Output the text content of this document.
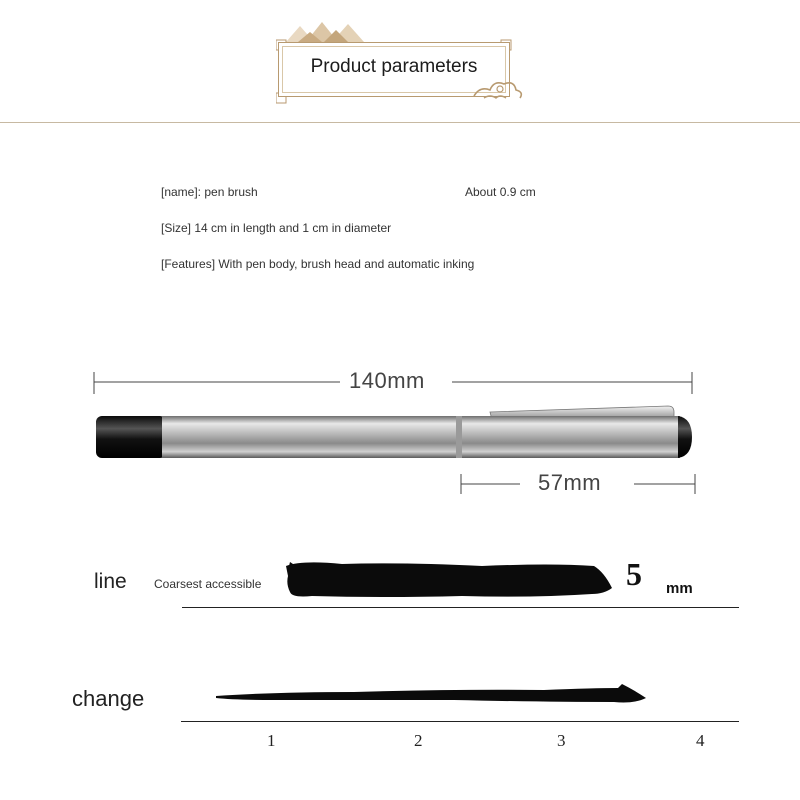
Product parameters
[name]: pen brush	About 0.9 cm
[Size] 14 cm in length and 1 cm in diameter
[Features] With pen body, brush head and automatic inking
140mm
57mm
line Coarsest accessible	5 mm
change
1	2	3	4
